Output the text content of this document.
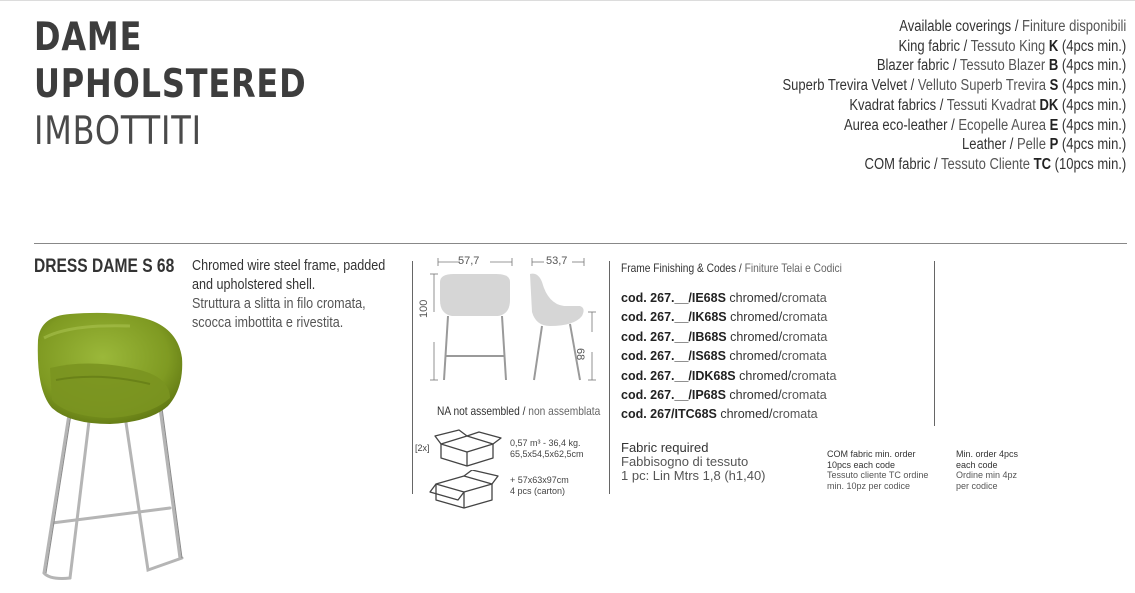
DAME
UPHOLSTERED
IMBOTTITI
Available coverings / Finiture disponibili
King fabric / Tessuto King K (4pcs min.)
Blazer fabric / Tessuto Blazer B (4pcs min.)
Superb Trevira Velvet / Velluto Superb Trevira S (4pcs min.)
Kvadrat fabrics / Tessuti Kvadrat DK (4pcs min.)
Aurea eco-leather / Ecopelle Aurea E (4pcs min.)
Leather / Pelle P (4pcs min.)
COM fabric / Tessuto Cliente TC (10pcs min.)
DRESS DAME S 68 Chromed wire steel frame, padded
and upholstered shell.
Struttura a slitta in filo cromata,
scocca imbottita e rivestita.
57,7	53,7
100
68
NA not assembled / non assemblata
[2x]	0,57 m³ - 36,4 kg.
65,5x54,5x62,5cm
+ 57x63x97cm
4 pcs (carton)
Frame Finishing & Codes / Finiture Telai e Codici
cod. 267.__/IE68S chromed/cromata
cod. 267.__/IK68S chromed/cromata
cod. 267.__/IB68S chromed/cromata
cod. 267.__/IS68S chromed/cromata
cod. 267.__/IDK68S chromed/cromata
cod. 267.__/IP68S chromed/cromata
cod. 267/ITC68S chromed/cromata
Fabric required
Fabbisogno di tessuto
1 pc: Lin Mtrs 1,8 (h1,40)
COM fabric min. order
10pcs each code
Tessuto cliente TC ordine
min. 10pz per codice
Min. order 4pcs
each code
Ordine min 4pz
per codice
